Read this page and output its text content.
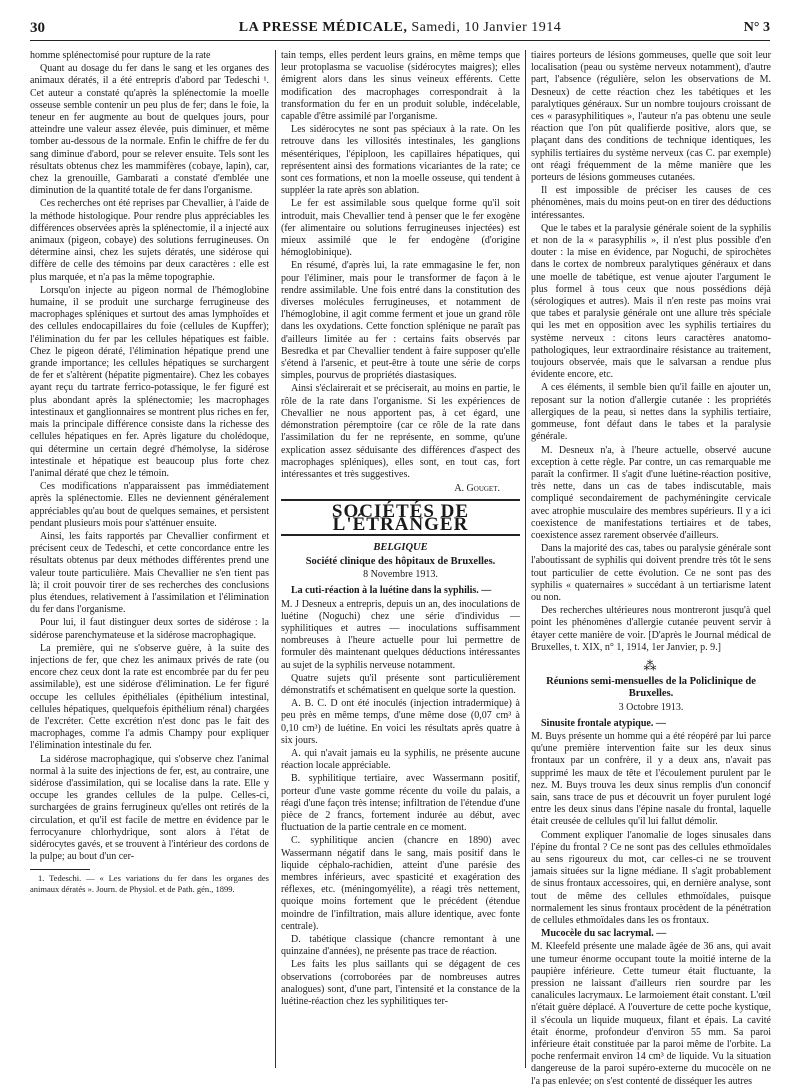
30	LA PRESSE MÉDICALE, Samedi, 10 Janvier 1914	N° 3

homme splénectomisé pour rupture de la rate

Quant au dosage du fer dans le sang et les organes des animaux dératés, il a été entrepris d'abord par Tedeschi ¹. Cet auteur a constaté qu'après la splénectomie la moelle osseuse semble contenir un peu plus de fer; dans le foie, la teneur en fer augmente au bout de quelques jours, pour atteindre une valeur assez élevée, puis diminuer, et même tomber au-dessous de la normale. Enfin le chiffre de fer du sang diminue d'abord, pour se relever ensuite. Tels sont les résultats obtenus chez les mammifères (cobaye, lapin), car, chez la grenouille, Gambarati a constaté d'emblée une diminution de la quantité totale de fer dans l'organisme.

Ces recherches ont été reprises par Chevallier, à l'aide de la méthode histologique. Pour rendre plus appréciables les différences observées après la splénectomie, il a injecté aux animaux (pigeon, cobaye) des solutions ferrugineuses. On détermine ainsi, chez les sujets dératés, une sidérose qui diffère de celle des témoins par deux caractères : elle est plus marquée, et n'a pas la même topographie.

Lorsqu'on injecte au pigeon normal de l'hémoglobine humaine, il se produit une surcharge ferrugineuse des macrophages spléniques et surtout des amas lymphoïdes et des cellules endocapillaires du foie (cellules de Kupffer); l'élimination du fer par les cellules hépatiques est faible. Chez le pigeon dératé, l'élimination hépatique prend une grande importance; les cellules hépatiques se surchargent de fer et s'altèrent (hépatite pigmentaire). Chez les cobayes ayant reçu du tartrate ferrico-potassique, le fer figuré est plus abondant après la splénectomie; les macrophages intestinaux et ganglionnaires se montrent plus riches en fer, mais la principale différence consiste dans la richesse des cellules hépatiques en fer. Après ligature du cholédoque, qui détermine un certain degré d'hémolyse, la sidérose intestinale et hépatique est beaucoup plus forte chez l'animal dératé que chez le témoin.

Ces modifications n'apparaissent pas immédiatement après la splénectomie. Elles ne deviennent généralement appréciables qu'au bout de quelques semaines, et persistent pendant plusieurs mois pour s'atténuer ensuite.

Ainsi, les faits rapportés par Chevallier confirment et précisent ceux de Tedeschi, et cette concordance entre les résultats obtenus par deux méthodes différentes prend une valeur toute particulière. Mais Chevallier ne s'en tient pas là; il croit pouvoir tirer de ses recherches des conclusions plus étendues, relativement à l'assimilation et l'élimination du fer dans l'organisme.

Pour lui, il faut distinguer deux sortes de sidérose : la sidérose parenchymateuse et la sidérose macrophagique.

La première, qui ne s'observe guère, à la suite des injections de fer, que chez les animaux privés de rate (ou encore chez ceux dont la rate est encombrée par du fer peu assimilable), est une sidérose d'élimination. Le fer figuré occupe les cellules épithéliales (épithélium intestinal, cellules hépatiques, quelquefois épithélium rénal) chargées de l'excréter. Cette excrétion n'est donc pas le fait des macrophages, comme l'a admis Champy pour expliquer l'élimination intestinale du fer.

La sidérose macrophagique, qui s'observe chez l'animal normal à la suite des injections de fer, est, au contraire, une sidérose d'assimilation, qui se localise dans la rate. Elle y occupe les grandes cellules de la pulpe. Celles-ci, surchargées de grains ferrugineux qu'elles ont retirés de la circulation, et qu'il est facile de mettre en évidence par le ferrocyanure chlorhydrique, sont alors à l'état de sidérocytes gavés, et se trouvent à l'intérieur des cordons de la pulpe; au bout d'un cer-

1. Tedeschi. — « Les variations du fer dans les organes des animaux dératés ». Journ. de Physiol. et de Path. gén., 1899.

tain temps, elles perdent leurs grains, en même temps que leur protoplasma se vacuolise (sidérocytes maigres); elles émigrent alors dans les sinus veineux efférents. Cette modification des macrophages correspondrait à la transformation du fer en un produit soluble, indécelable, capable d'être assimilé par l'organisme.

Les sidérocytes ne sont pas spéciaux à la rate. On les retrouve dans les villosités intestinales, les ganglions mésentériques, l'épiploon, les capillaires hépatiques, qui représentent ainsi des formations vicariantes de la rate; ce sont ces formations, et non la moelle osseuse, qui tendent à suppléer la rate après son ablation.

Le fer est assimilable sous quelque forme qu'il soit introduit, mais Chevallier tend à penser que le fer exogène (fer alimentaire ou solutions ferrugineuses injectées) est mieux assimilé que le fer endogène (d'origine hémoglobinique).

En résumé, d'après lui, la rate emmagasine le fer, non pour l'éliminer, mais pour le transformer de façon à le rendre assimilable. Une fois entré dans la constitution des diverses molécules ferrugineuses, et notamment de l'hémoglobine, il agit comme ferment et joue un grand rôle dans les oxydations. Cette fonction splénique ne paraît pas d'ailleurs limitée au fer : certains faits observés par Besredka et par Chevallier tendent à faire supposer qu'elle s'étend à l'arsenic, et peut-être à toute une série de corps simples, pourvus de propriétés diastasiques.

Ainsi s'éclairerait et se préciserait, au moins en partie, le rôle de la rate dans l'organisme. Si les expériences de Chevallier ne nous apportent pas, à cet égard, une démonstration péremptoire (car ce rôle de la rate dans l'assimilation du fer ne représente, en somme, qu'une explication assez séduisante des différences d'aspect des macrophages spléniques), elles sont, en tout cas, fort intéressantes et très suggestives.

A. Gouget.
SOCIÉTÉS DE L'ÉTRANGER
BELGIQUE
Société clinique des hôpitaux de Bruxelles.
8 Novembre 1913.

La cuti-réaction à la luétine dans la syphilis. —

M. J Desneux a entrepris, depuis un an, des inoculations de luétine (Noguchi) chez une série d'individus — syphilitiques et autres — inoculations suffisamment nombreuses à l'heure actuelle pour lui permettre de formuler dès maintenant quelques déductions intéressantes au sujet de la syphilis nerveuse notamment.

Quatre sujets qu'il présente sont particulièrement démonstratifs et schématisent en quelque sorte la question.

A. B. C. D ont été inoculés (injection intradermique) à peu près en même temps, d'une même dose (0,07 cm³ à 0,10 cm³) de luétine. En voici les résultats après quatre à six jours.

A. qui n'avait jamais eu la syphilis, ne présente aucune réaction locale appréciable.

B. syphilitique tertiaire, avec Wassermann positif, porteur d'une vaste gomme récente du voile du palais, a réagi d'une façon très intense; infiltration de l'étendue d'une pièce de 2 francs, fortement indurée au début, avec fluctuation de la partie centrale en ce moment.

C. syphilitique ancien (chancre en 1890) avec Wassermann négatif dans le sang, mais positif dans le liquide céphalo-rachidien, atteint d'une parésie des membres inférieurs, avec spasticité et exagération des réflexes, etc. (méningomyélite), a réagi très nettement, quoique moins fortement que le précédent (étendue moindre de l'infiltration, mais allure identique, avec fonte centrale).

D. tabétique classique (chancre remontant à une quinzaine d'années), ne présente pas trace de réaction.

Les faits les plus saillants qui se dégagent de ces observations (corroborées par de nombreuses autres analogues) sont, d'une part, l'intensité et la constance de la luétine-réaction chez les syphilitiques ter-

tiaires porteurs de lésions gommeuses, quelle que soit leur localisation (peau ou système nerveux notamment), d'autre part, l'absence (régulière, selon les observations de M. Desneux) de cette réaction chez les tabétiques et les paralytiques généraux. Sur un nombre toujours croissant de ces « parasyphilitiques », l'auteur n'a pas obtenu une seule réaction que l'on pût qualifierde positive, alors que, se plaçant dans des conditions de technique identiques, les syphilis tertiaires du système nerveux (cas C. par exemple) ont réagi fréquemment de la même manière que les porteurs de lésions gommeuses cutanées.

Il est impossible de préciser les causes de ces phénomènes, mais du moins peut-on en tirer des déductions intéressantes.

Que le tabes et la paralysie générale soient de la syphilis et non de la « parasyphilis », il n'est plus possible d'en douter : la mise en évidence, par Noguchi, de spirochètes dans le cortex de nombreux paralytiques généraux et dans une moelle de tabétique, est venue ajouter l'argument le plus formel à tous ceux que nous possédions déjà (sérologiques et autres). Mais il n'en reste pas moins vrai que tabes et paralysie générale ont une allure très spéciale qui les met en opposition avec les syphilis tertiaires du système nerveux : citons leurs caractères anatomo-pathologiques, leur extraordinaire résistance au traitement, toujours observée, mais que le salvarsan a rendue plus évidente encore, etc.

A ces éléments, il semble bien qu'il faille en ajouter un, reposant sur la notion d'allergie cutanée : les propriétés allergiques de la peau, si nettes dans la syphilis tertiaire, gommeuse, font défaut dans le tabes et la paralysie générale.

M. Desneux n'a, à l'heure actuelle, observé aucune exception à cette règle. Par contre, un cas remarquable me paraît la confirmer. Il s'agit d'une luétine-réaction positive, très nette, dans un cas de tabes indiscutable, mais compliqué secondairement de pachyméningite cervicale avec atrophie musculaire des membres supérieurs. Il y a ici coexistence de manifestations tertiaires et de tabes, coexistence assez rarement observée d'ailleurs.

Dans la majorité des cas, tabes ou paralysie générale sont l'aboutissant de syphilis qui doivent prendre très tôt le sens tout particulier de cette évolution. Ce ne sont pas des syphilis « quaternaires » succédant à un tertiarisme latent ou non.

Des recherches ultérieures nous montreront jusqu'à quel point les phénomènes d'allergie cutanée peuvent servir à étayer cette manière de voir. [D'après le Journal médical de Bruxelles, t. XIX, n° 1, 1914, 1er Janvier, p. 9.]

⁂
Réunions semi-mensuelles de la Policlinique de Bruxelles.
3 Octobre 1913.

Sinusite frontale atypique. —

M. Buys présente un homme qui a été réopéré par lui parce qu'une première intervention faite sur les deux sinus frontaux par un confrère, il y a deux ans, n'avait pas supprimé les maux de tête et l'écoulement purulent par le nez. M. Buys trouva les deux sinus remplis d'un cononcif sain, sans trace de pus et découvrit un foyer purulent logé entre les deux sinus dans l'épine nasale du frontal, laquelle était creusée de cellules qu'il lui fallut démolir.

Comment expliquer l'anomalie de loges sinusales dans l'épine du frontal ? Ce ne sont pas des cellules ethmoïdales au sens rigoureux du mot, car celles-ci ne se trouvent jamais situées sur la ligne médiane. Il s'agit probablement de sinus frontaux accessoires, qui, en dernière analyse, sont tout de même des cellules ethmoïdales, puisque normalement les sinus frontaux procèdent de la pénétration de cellules ethmoïdales dans les os frontaux.

Mucocèle du sac lacrymal. —

M. Kleefeld présente une malade âgée de 36 ans, qui avait une tumeur énorme occupant toute la moitié interne de la paupière inférieure. Cette tumeur était fluctuante, la pression ne laissant d'ailleurs rien sourdre par les canalicules lacrymaux. Le larmoiement était constant. L'œil n'était guère déplacé. A l'ouverture de cette poche kystique, il s'écoula un liquide muqueux, filant et épais. La cavité était énorme, profondeur d'environ 55 mm. Sa paroi inférieure était constituée par la paroi même de l'orbite. La poche renfermait environ 14 cm³ de liquide. Vu la situation dangereuse de la paroi supéro-externe du mucocèle on ne l'a pas enlevée; on s'est contenté de disséquer les autres
